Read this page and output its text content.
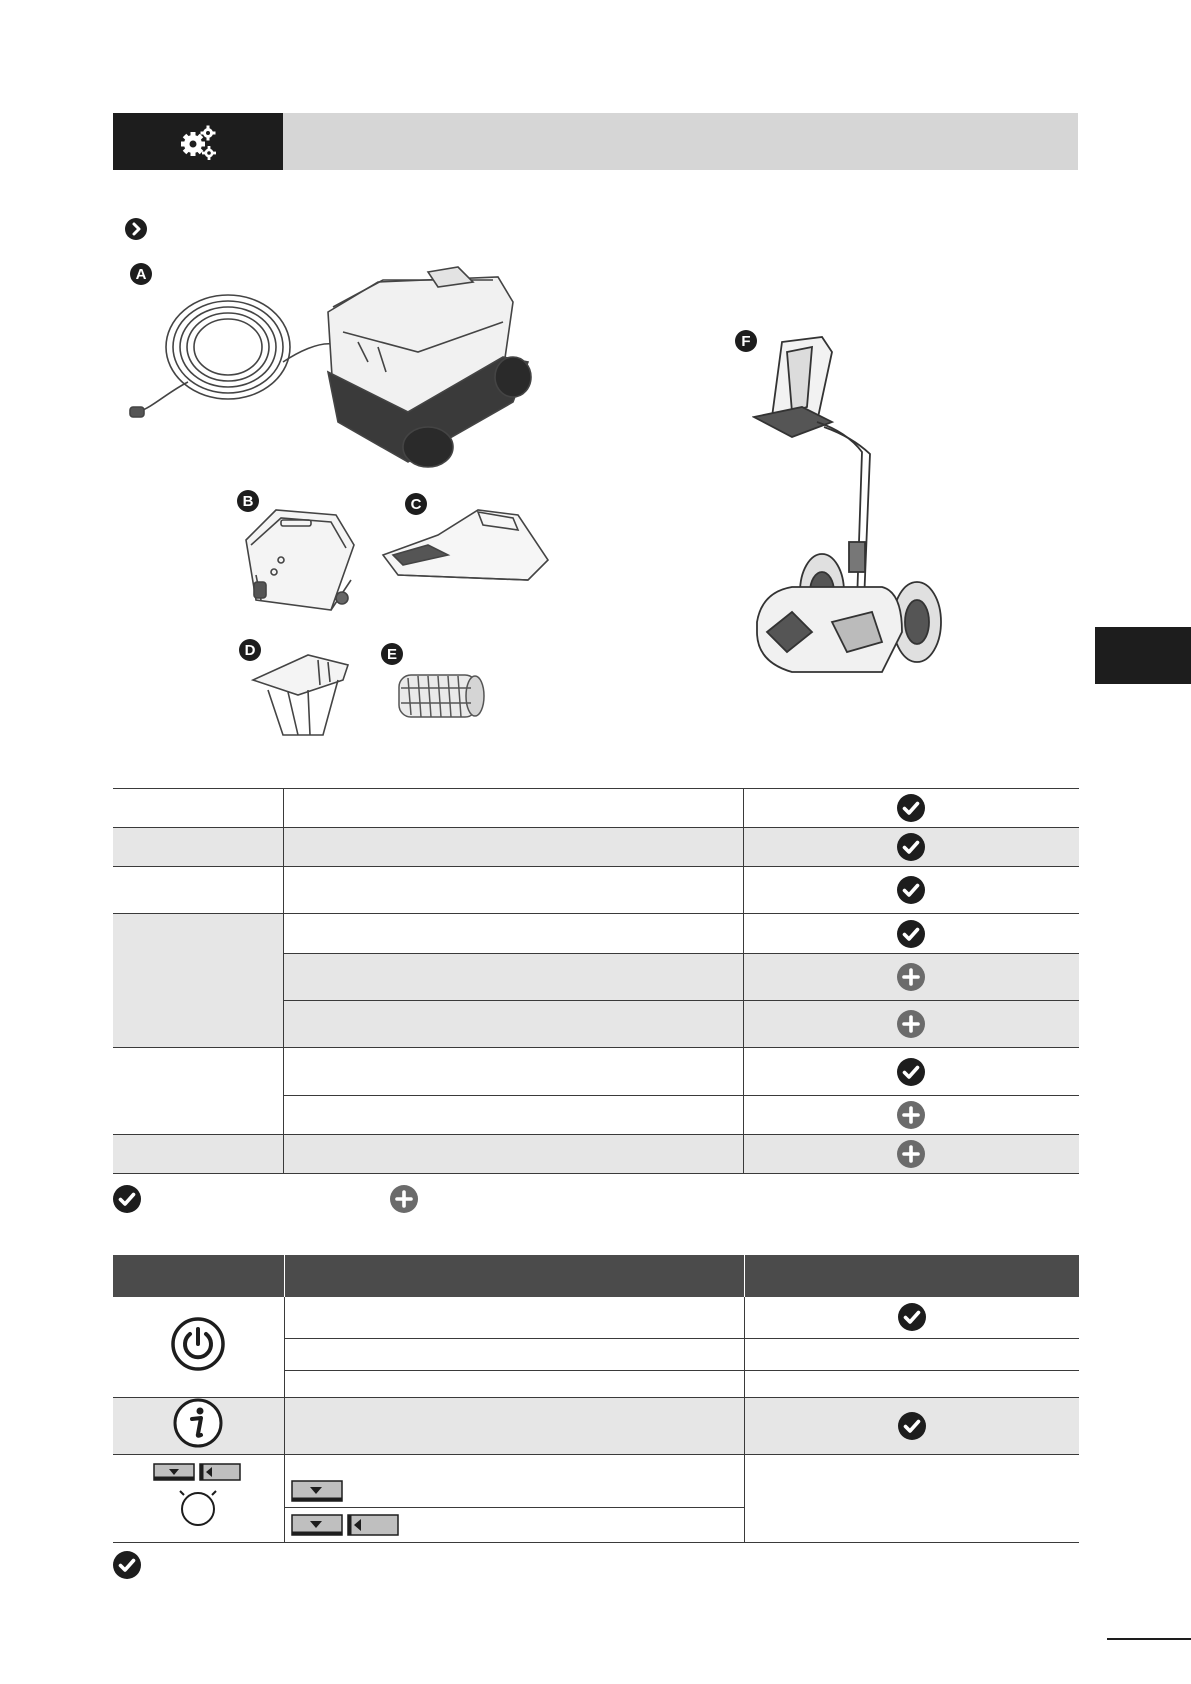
A
B	C
D	E
F
